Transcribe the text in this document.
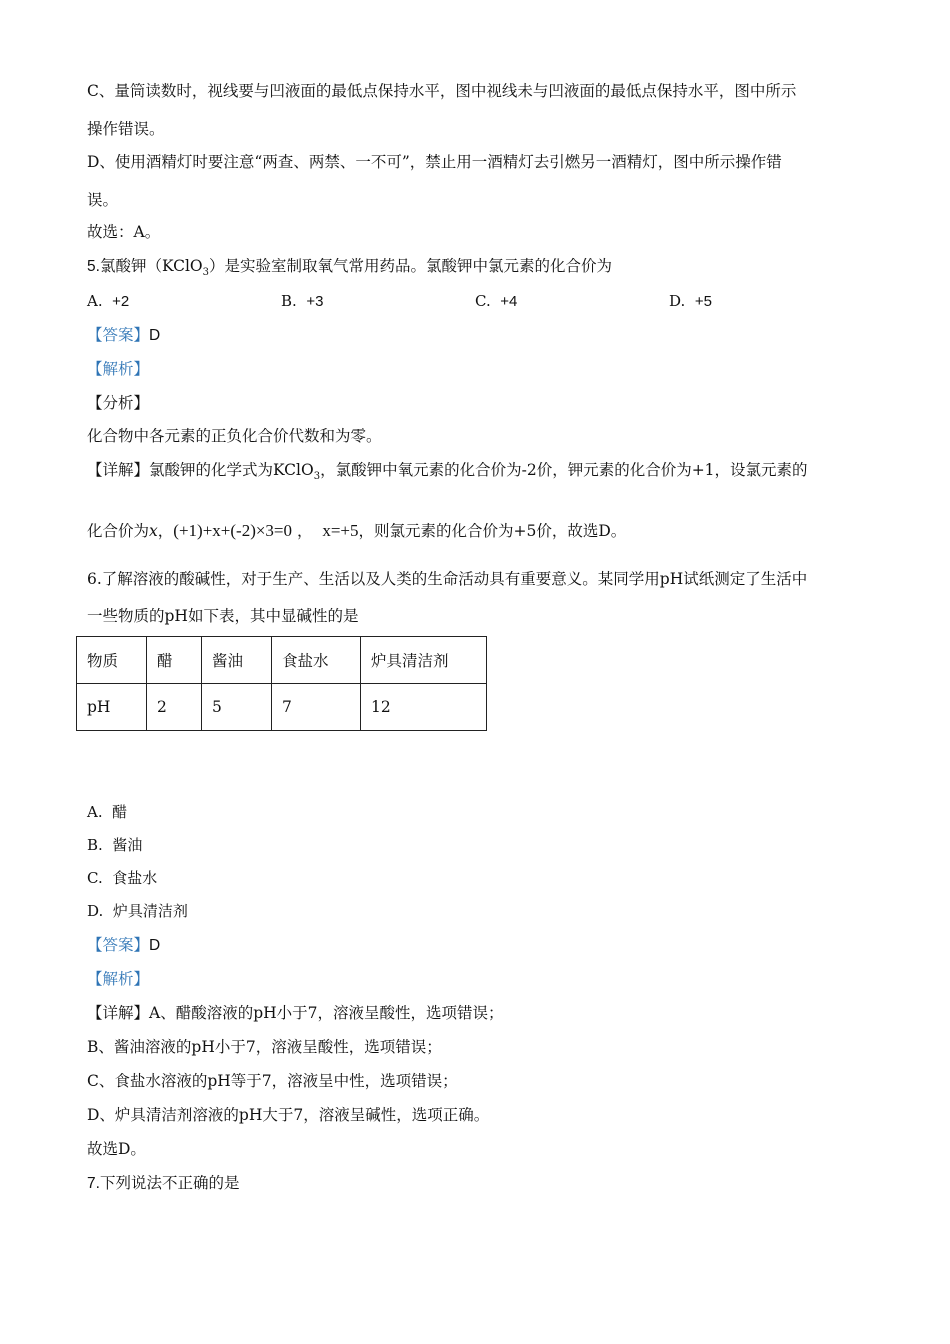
C、量筒读数时，视线要与凹液面的最低点保持水平，图中视线未与凹液面的最低点保持水平，图中所示
操作错误。
D、使用酒精灯时要注意“两查、两禁、一不可”，禁止用一酒精灯去引燃另一酒精灯，图中所示操作错
误。
故选：A。
5.氯酸钾（KClO$_3$）是实验室制取氧气常用药品。氯酸钾中氯元素的化合价为
A. +2	B. +3	C. +4	D. +5
【答案】D
【解析】
【分析】
化合物中各元素的正负化合价代数和为零。
【详解】氯酸钾的化学式为KClO$_3$，氯酸钾中氧元素的化合价为-2价，钾元素的化合价为+1，设氯元素的
化合价为x，(+1)+x+(-2)×3=0 ， x=+5，则氯元素的化合价为+5价，故选D。
6.了解溶液的酸碱性，对于生产、生活以及人类的生命活动具有重要意义。某同学用pH试纸测定了生活中
一些物质的pH如下表，其中显碱性的是
物质	醋	酱油	食盐水	炉具清洁剂
pH	2	5	7	12
A. 醋
B. 酱油
C. 食盐水
D. 炉具清洁剂
【答案】D
【解析】
【详解】A、醋酸溶液的pH小于7，溶液呈酸性，选项错误；
B、酱油溶液的pH小于7，溶液呈酸性，选项错误；
C、食盐水溶液的pH等于7，溶液呈中性，选项错误；
D、炉具清洁剂溶液的pH大于7，溶液呈碱性，选项正确。
故选D。
7.下列说法不正确的是
